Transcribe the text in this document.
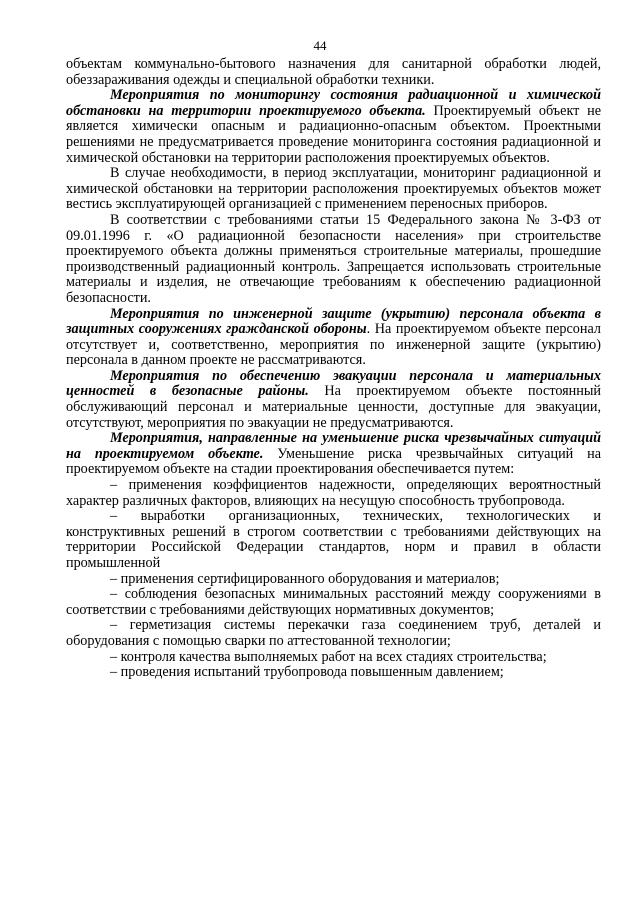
44

объектам коммунально-бытового назначения для санитарной обработки людей, обеззараживания одежды и специальной обработки техники.

Мероприятия по мониторингу состояния радиационной и химической обстановки на территории проектируемого объекта. Проектируемый объект не является химически опасным и радиационно-опасным объектом. Проектными решениями не предусматривается проведение мониторинга состояния радиационной и химической обстановки на территории расположения проектируемых объектов.

В случае необходимости, в период эксплуатации, мониторинг радиационной и химической обстановки на территории расположения проектируемых объектов может вестись эксплуатирующей организацией с применением переносных приборов.

В соответствии с требованиями статьи 15 Федерального закона № 3-ФЗ от 09.01.1996 г. «О радиационной безопасности населения» при строительстве проектируемого объекта должны применяться строительные материалы, прошедшие производственный радиационный контроль. Запрещается использовать строительные материалы и изделия, не отвечающие требованиям к обеспечению радиационной безопасности.

Мероприятия по инженерной защите (укрытию) персонала объекта в защитных сооружениях гражданской обороны. На проектируемом объекте персонал отсутствует и, соответственно, мероприятия по инженерной защите (укрытию) персонала в данном проекте не рассматриваются.

Мероприятия по обеспечению эвакуации персонала и материальных ценностей в безопасные районы. На проектируемом объекте постоянный обслуживающий персонал и материальные ценности, доступные для эвакуации, отсутствуют, мероприятия по эвакуации не предусматриваются.

Мероприятия, направленные на уменьшение риска чрезвычайных ситуаций на проектируемом объекте. Уменьшение риска чрезвычайных ситуаций на проектируемом объекте на стадии проектирования обеспечивается путем:

– применения коэффициентов надежности, определяющих вероятностный характер различных факторов, влияющих на несущую способность трубопровода.

– выработки организационных, технических, технологических и конструктивных решений в строгом соответствии с требованиями действующих на территории Российской Федерации стандартов, норм и правил в области промышленной

– применения сертифицированного оборудования и материалов;

– соблюдения безопасных минимальных расстояний между сооружениями в соответствии с требованиями действующих нормативных документов;

– герметизация системы перекачки газа соединением труб, деталей и оборудования с помощью сварки по аттестованной технологии;

– контроля качества выполняемых работ на всех стадиях строительства;

– проведения испытаний трубопровода повышенным давлением;
